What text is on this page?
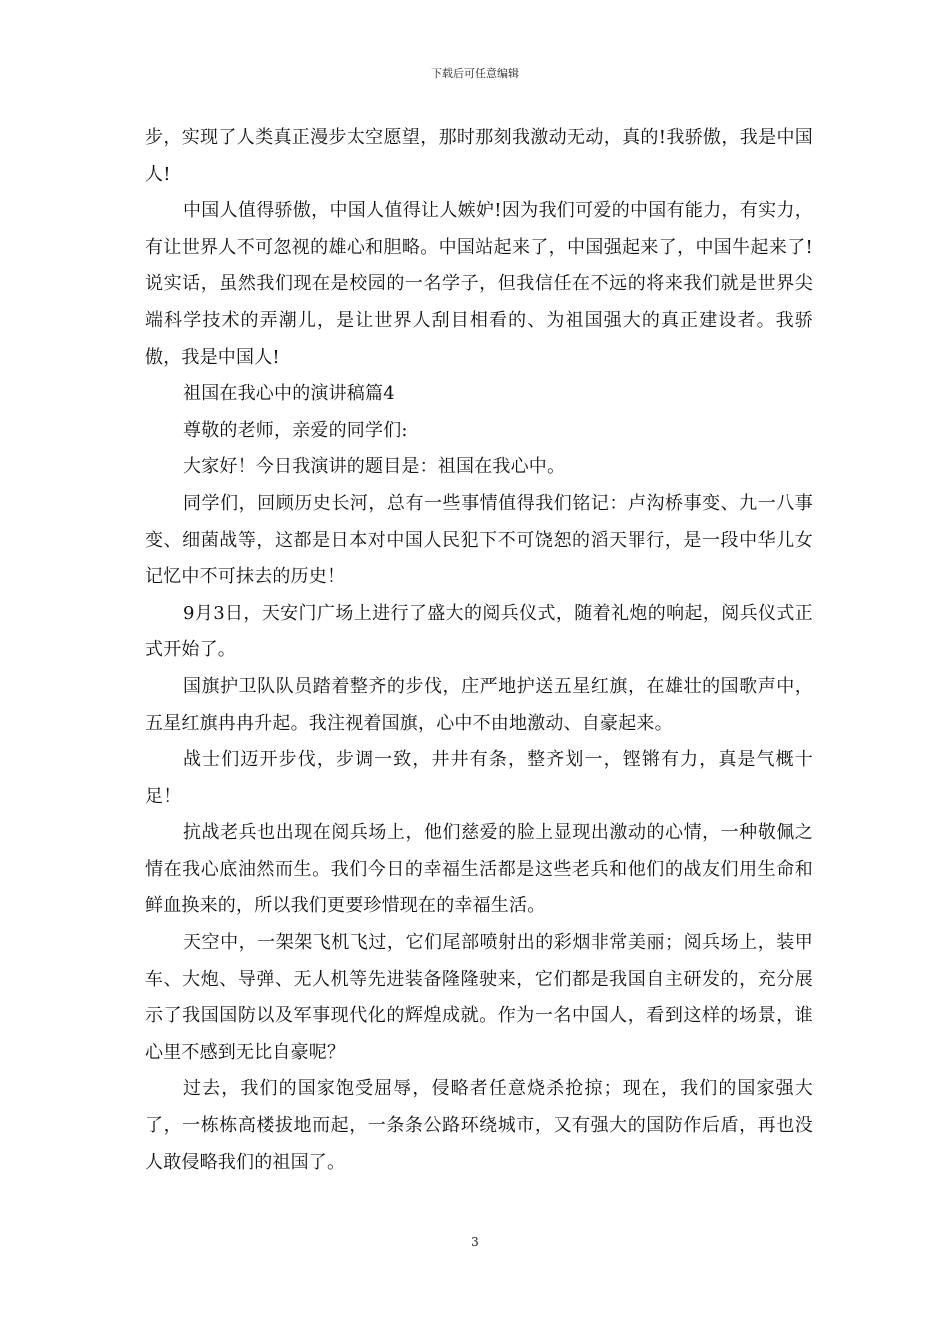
下载后可任意编辑

步，实现了人类真正漫步太空愿望，那时那刻我激动无动，真的!我骄傲，我是中国人!

中国人值得骄傲，中国人值得让人嫉妒!因为我们可爱的中国有能力，有实力，有让世界人不可忽视的雄心和胆略。中国站起来了，中国强起来了，中国牛起来了!说实话，虽然我们现在是校园的一名学子，但我信任在不远的将来我们就是世界尖端科学技术的弄潮儿，是让世界人刮目相看的、为祖国强大的真正建设者。我骄傲，我是中国人!

祖国在我心中的演讲稿篇4

尊敬的老师，亲爱的同学们:

大家好！今日我演讲的题目是：祖国在我心中。

同学们，回顾历史长河，总有一些事情值得我们铭记：卢沟桥事变、九一八事变、细菌战等，这都是日本对中国人民犯下不可饶恕的滔天罪行，是一段中华儿女记忆中不可抹去的历史！

9月3日，天安门广场上进行了盛大的阅兵仪式，随着礼炮的响起，阅兵仪式正式开始了。

国旗护卫队队员踏着整齐的步伐，庄严地护送五星红旗，在雄壮的国歌声中，五星红旗冉冉升起。我注视着国旗，心中不由地激动、自豪起来。

战士们迈开步伐，步调一致，井井有条，整齐划一，铿锵有力，真是气概十足！

抗战老兵也出现在阅兵场上，他们慈爱的脸上显现出激动的心情，一种敬佩之情在我心底油然而生。我们今日的幸福生活都是这些老兵和他们的战友们用生命和鲜血换来的，所以我们更要珍惜现在的幸福生活。

天空中，一架架飞机飞过，它们尾部喷射出的彩烟非常美丽；阅兵场上，装甲车、大炮、导弹、无人机等先进装备隆隆驶来，它们都是我国自主研发的，充分展示了我国国防以及军事现代化的辉煌成就。作为一名中国人，看到这样的场景，谁心里不感到无比自豪呢？

过去，我们的国家饱受屈辱，侵略者任意烧杀抢掠；现在，我们的国家强大了，一栋栋高楼拔地而起，一条条公路环绕城市，又有强大的国防作后盾，再也没人敢侵略我们的祖国了。

3
